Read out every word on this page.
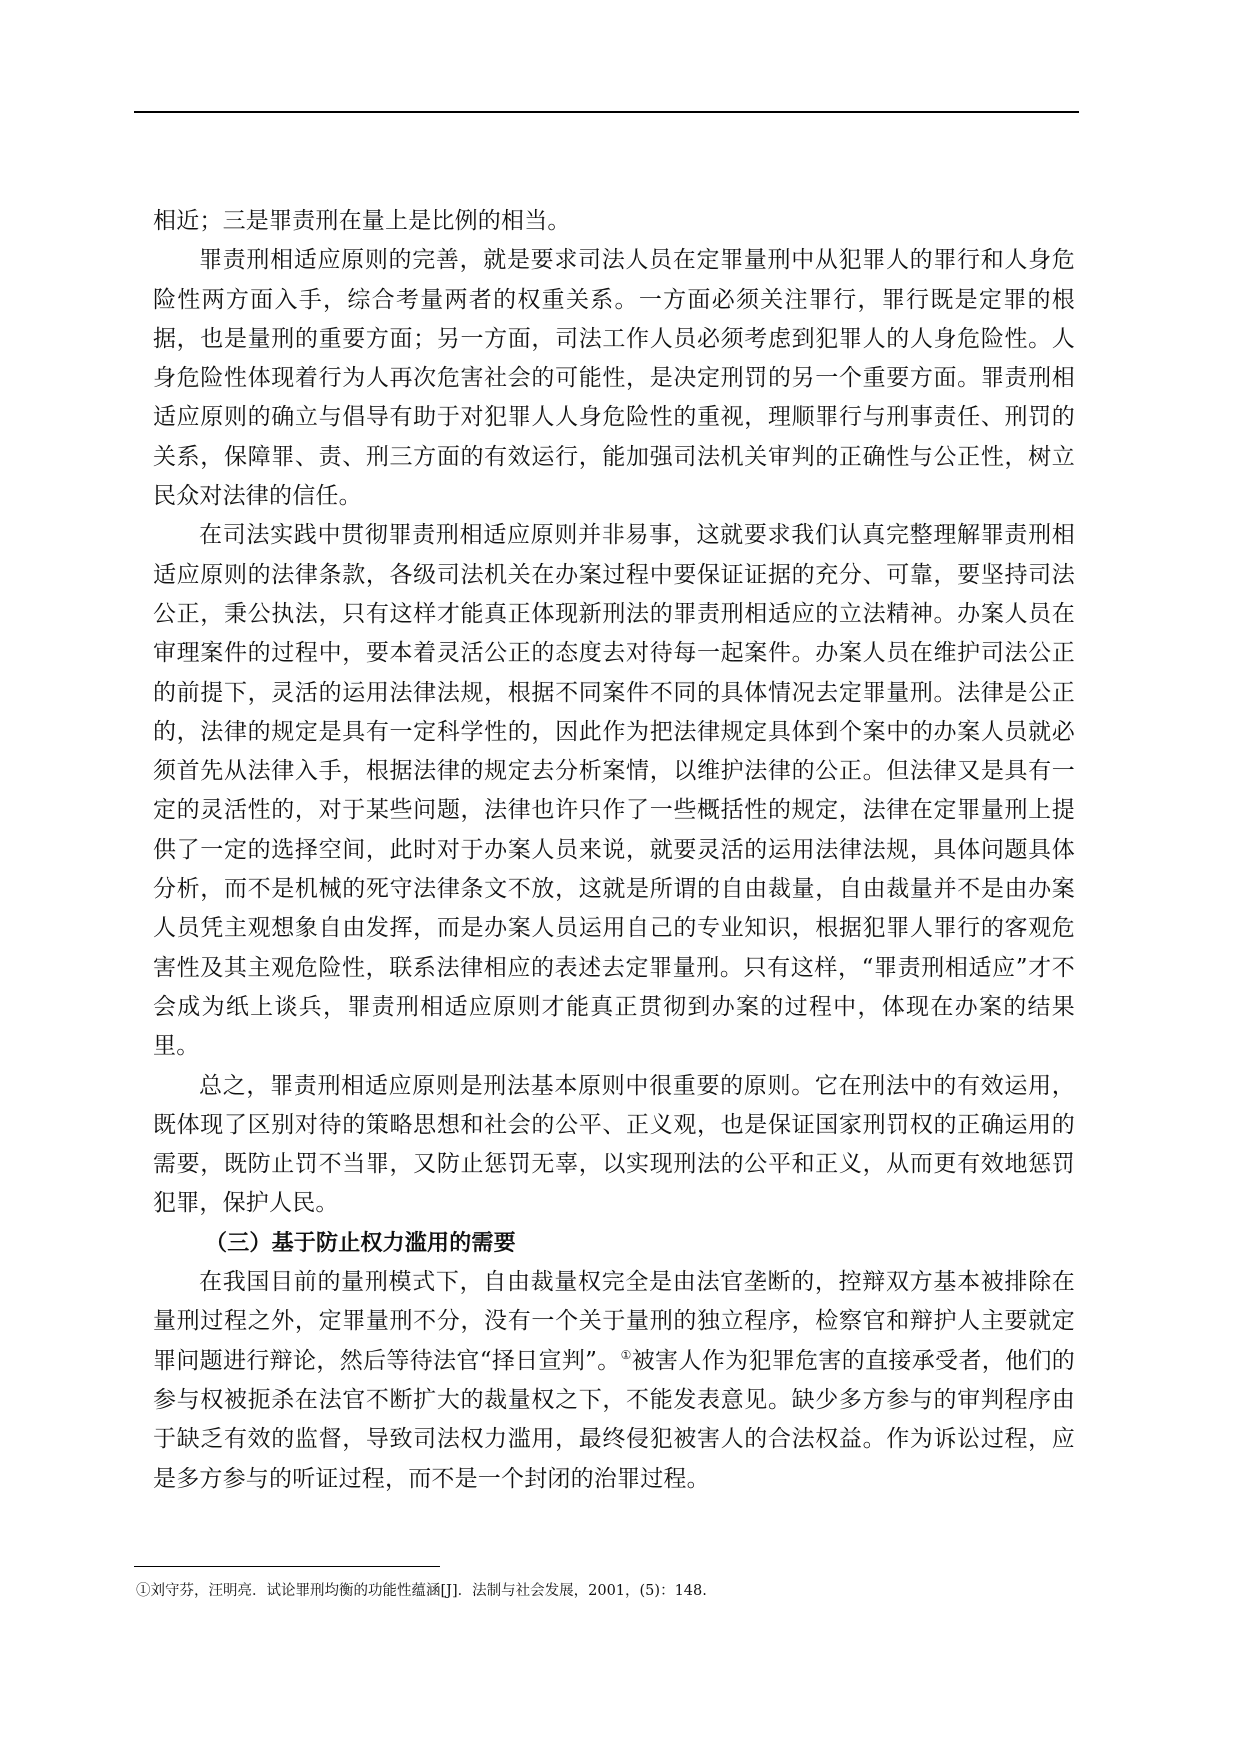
相近；三是罪责刑在量上是比例的相当。

罪责刑相适应原则的完善，就是要求司法人员在定罪量刑中从犯罪人的罪行和人身危险性两方面入手，综合考量两者的权重关系。一方面必须关注罪行，罪行既是定罪的根据，也是量刑的重要方面；另一方面，司法工作人员必须考虑到犯罪人的人身危险性。人身危险性体现着行为人再次危害社会的可能性，是决定刑罚的另一个重要方面。罪责刑相适应原则的确立与倡导有助于对犯罪人人身危险性的重视，理顺罪行与刑事责任、刑罚的关系，保障罪、责、刑三方面的有效运行，能加强司法机关审判的正确性与公正性，树立民众对法律的信任。

在司法实践中贯彻罪责刑相适应原则并非易事，这就要求我们认真完整理解罪责刑相适应原则的法律条款，各级司法机关在办案过程中要保证证据的充分、可靠，要坚持司法公正，秉公执法，只有这样才能真正体现新刑法的罪责刑相适应的立法精神。办案人员在审理案件的过程中，要本着灵活公正的态度去对待每一起案件。办案人员在维护司法公正的前提下，灵活的运用法律法规，根据不同案件不同的具体情况去定罪量刑。法律是公正的，法律的规定是具有一定科学性的，因此作为把法律规定具体到个案中的办案人员就必须首先从法律入手，根据法律的规定去分析案情，以维护法律的公正。但法律又是具有一定的灵活性的，对于某些问题，法律也许只作了一些概括性的规定，法律在定罪量刑上提供了一定的选择空间，此时对于办案人员来说，就要灵活的运用法律法规，具体问题具体分析，而不是机械的死守法律条文不放，这就是所谓的自由裁量，自由裁量并不是由办案人员凭主观想象自由发挥，而是办案人员运用自己的专业知识，根据犯罪人罪行的客观危害性及其主观危险性，联系法律相应的表述去定罪量刑。只有这样，“罪责刑相适应”才不会成为纸上谈兵，罪责刑相适应原则才能真正贯彻到办案的过程中，体现在办案的结果里。

总之，罪责刑相适应原则是刑法基本原则中很重要的原则。它在刑法中的有效运用，既体现了区别对待的策略思想和社会的公平、正义观，也是保证国家刑罚权的正确运用的需要，既防止罚不当罪，又防止惩罚无辜，以实现刑法的公平和正义，从而更有效地惩罚犯罪，保护人民。

（三）基于防止权力滥用的需要

在我国目前的量刑模式下，自由裁量权完全是由法官垄断的，控辩双方基本被排除在量刑过程之外，定罪量刑不分，没有一个关于量刑的独立程序，检察官和辩护人主要就定罪问题进行辩论，然后等待法官“择日宣判”。①被害人作为犯罪危害的直接承受者，他们的参与权被扼杀在法官不断扩大的裁量权之下，不能发表意见。缺少多方参与的审判程序由于缺乏有效的监督，导致司法权力滥用，最终侵犯被害人的合法权益。作为诉讼过程，应是多方参与的听证过程，而不是一个封闭的治罪过程。

①刘守芬，汪明亮．试论罪刑均衡的功能性蕴涵[J]．法制与社会发展，2001，(5)：148.
